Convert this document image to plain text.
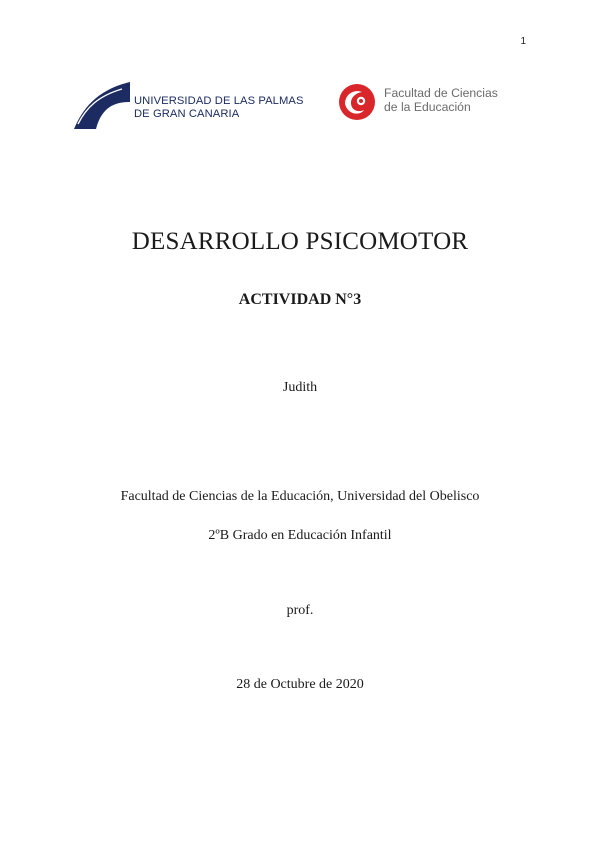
1
UNIVERSIDAD DE LAS PALMAS
DE GRAN CANARIA
Facultad de Ciencias
de la Educación
DESARROLLO PSICOMOTOR
ACTIVIDAD N°3
Judith
Facultad de Ciencias de la Educación, Universidad del Obelisco
2ºB Grado en Educación Infantil
prof.
28 de Octubre de 2020
